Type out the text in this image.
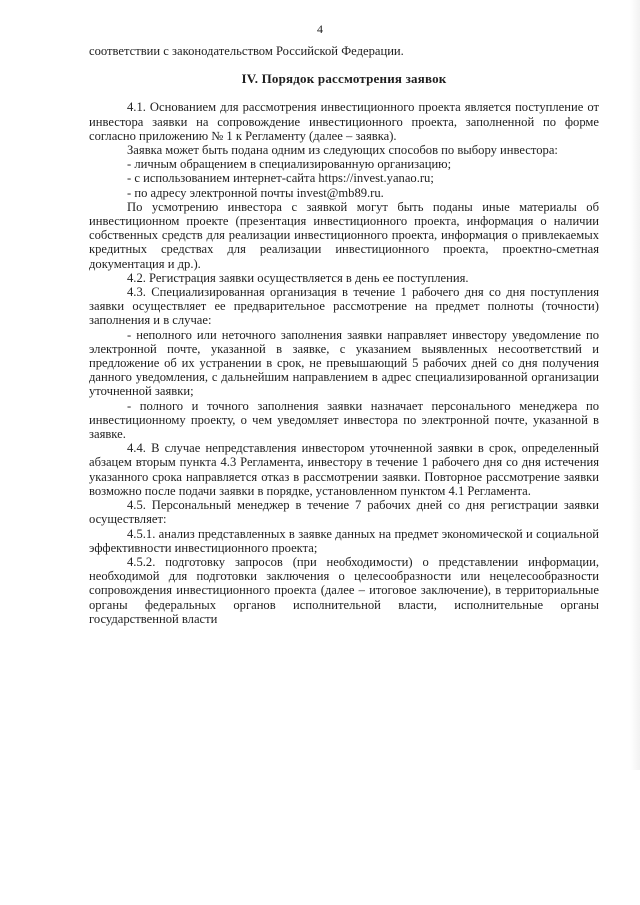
4

соответствии с законодательством Российской Федерации.

IV. Порядок рассмотрения заявок

4.1. Основанием для рассмотрения инвестиционного проекта является поступление от инвестора заявки на сопровождение инвестиционного проекта, заполненной по форме согласно приложению № 1 к Регламенту (далее – заявка).

Заявка может быть подана одним из следующих способов по выбору инвестора:

- личным обращением в специализированную организацию;

- с использованием интернет-сайта https://invest.yanao.ru;

- по адресу электронной почты invest@mb89.ru.

По усмотрению инвестора с заявкой могут быть поданы иные материалы об инвестиционном проекте (презентация инвестиционного проекта, информация о наличии собственных средств для реализации инвестиционного проекта, информация о привлекаемых кредитных средствах для реализации инвестиционного проекта, проектно-сметная документация и др.).

4.2. Регистрация заявки осуществляется в день ее поступления.

4.3. Специализированная организация в течение 1 рабочего дня со дня поступления заявки осуществляет ее предварительное рассмотрение на предмет полноты (точности) заполнения и в случае:

- неполного или неточного заполнения заявки направляет инвестору уведомление по электронной почте, указанной в заявке, с указанием выявленных несоответствий и предложение об их устранении в срок, не превышающий 5 рабочих дней со дня получения данного уведомления, с дальнейшим направлением в адрес специализированной организации уточненной заявки;

- полного и точного заполнения заявки назначает персонального менеджера по инвестиционному проекту, о чем уведомляет инвестора по электронной почте, указанной в заявке.

4.4. В случае непредставления инвестором уточненной заявки в срок, определенный абзацем вторым пункта 4.3 Регламента, инвестору в течение 1 рабочего дня со дня истечения указанного срока направляется отказ в рассмотрении заявки. Повторное рассмотрение заявки возможно после подачи заявки в порядке, установленном пунктом 4.1 Регламента.

4.5. Персональный менеджер в течение 7 рабочих дней со дня регистрации заявки осуществляет:

4.5.1. анализ представленных в заявке данных на предмет экономической и социальной эффективности инвестиционного проекта;

4.5.2. подготовку запросов (при необходимости) о представлении информации, необходимой для подготовки заключения о целесообразности или нецелесообразности сопровождения инвестиционного проекта (далее – итоговое заключение), в территориальные органы федеральных органов исполнительной власти, исполнительные органы государственной власти
